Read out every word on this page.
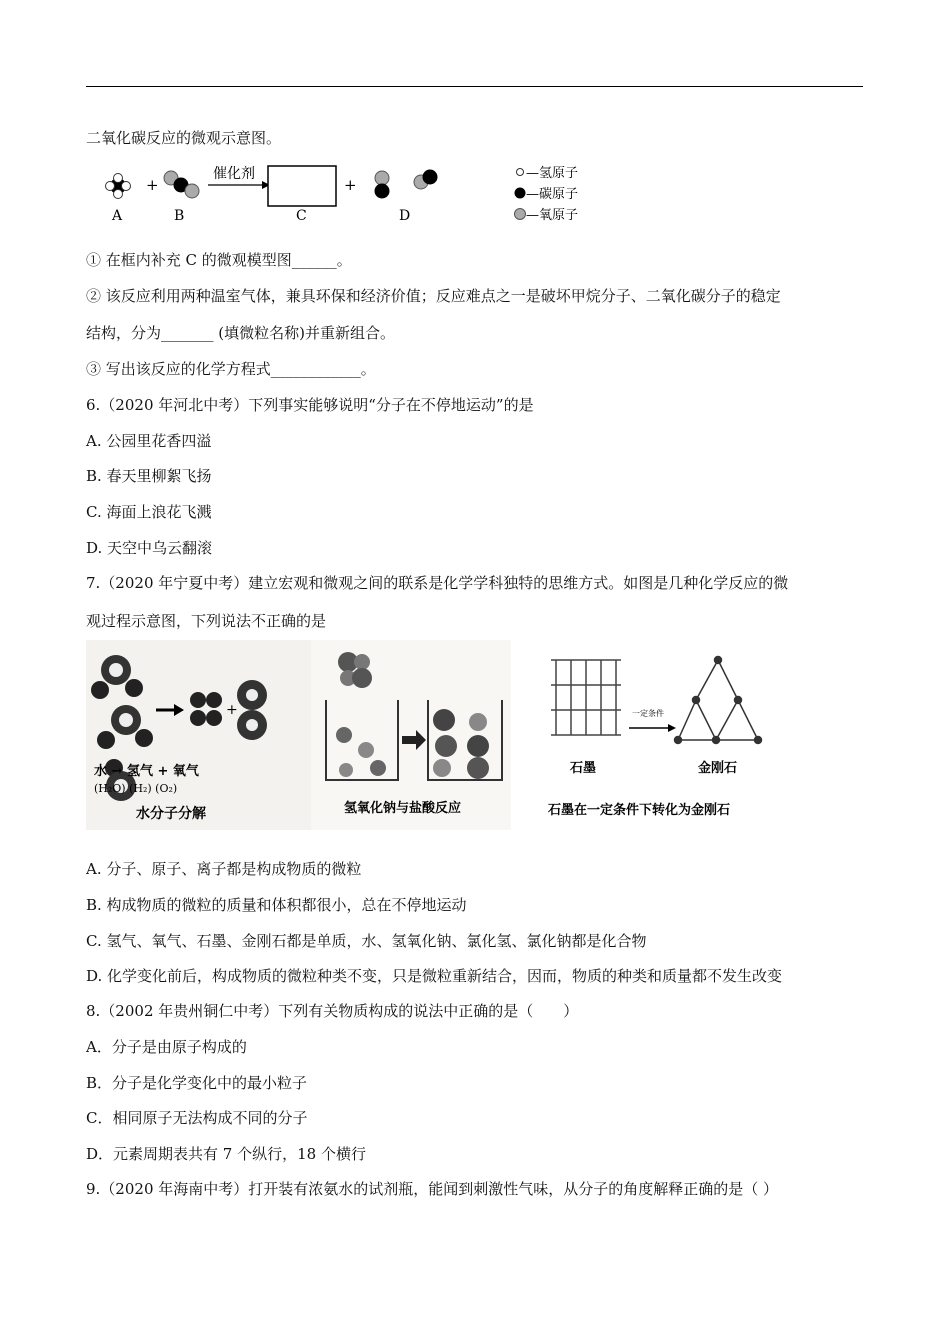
二氧化碳反应的微观示意图。
+
催化剂
+
A	B	C	D
—氢原子
—碳原子
—氧原子
① 在框内补充 C 的微观模型图______。
② 该反应利用两种温室气体，兼具环保和经济价值；反应难点之一是破坏甲烷分子、二氧化碳分子的稳定
结构，分为_______ (填微粒名称)并重新组合。
③ 写出该反应的化学方程式____________。
6.（2020 年河北中考）下列事实能够说明“分子在不停地运动”的是
A. 公园里花香四溢
B. 春天里柳絮飞扬
C. 海面上浪花飞溅
D. 天空中乌云翻滚
7.（2020 年宁夏中考）建立宏观和微观之间的联系是化学学科独特的思维方式。如图是几种化学反应的微
观过程示意图，下列说法不正确的是
+
水 → 氢气 + 氧气
(H₂O) (H₂) (O₂)
水分子分解	氢氧化钠与盐酸反应
一定条件
石墨	金刚石
石墨在一定条件下转化为金刚石
A. 分子、原子、离子都是构成物质的微粒
B. 构成物质的微粒的质量和体积都很小，总在不停地运动
C. 氢气、氧气、石墨、金刚石都是单质，水、氢氧化钠、氯化氢、氯化钠都是化合物
D. 化学变化前后，构成物质的微粒种类不变，只是微粒重新结合，因而，物质的种类和质量都不发生改变
8.（2002 年贵州铜仁中考）下列有关物质构成的说法中正确的是（　　）
A．分子是由原子构成的
B．分子是化学变化中的最小粒子
C．相同原子无法构成不同的分子
D．元素周期表共有 7 个纵行，18 个横行
9.（2020 年海南中考）打开装有浓氨水的试剂瓶，能闻到刺激性气味，从分子的角度解释正确的是（ ）
